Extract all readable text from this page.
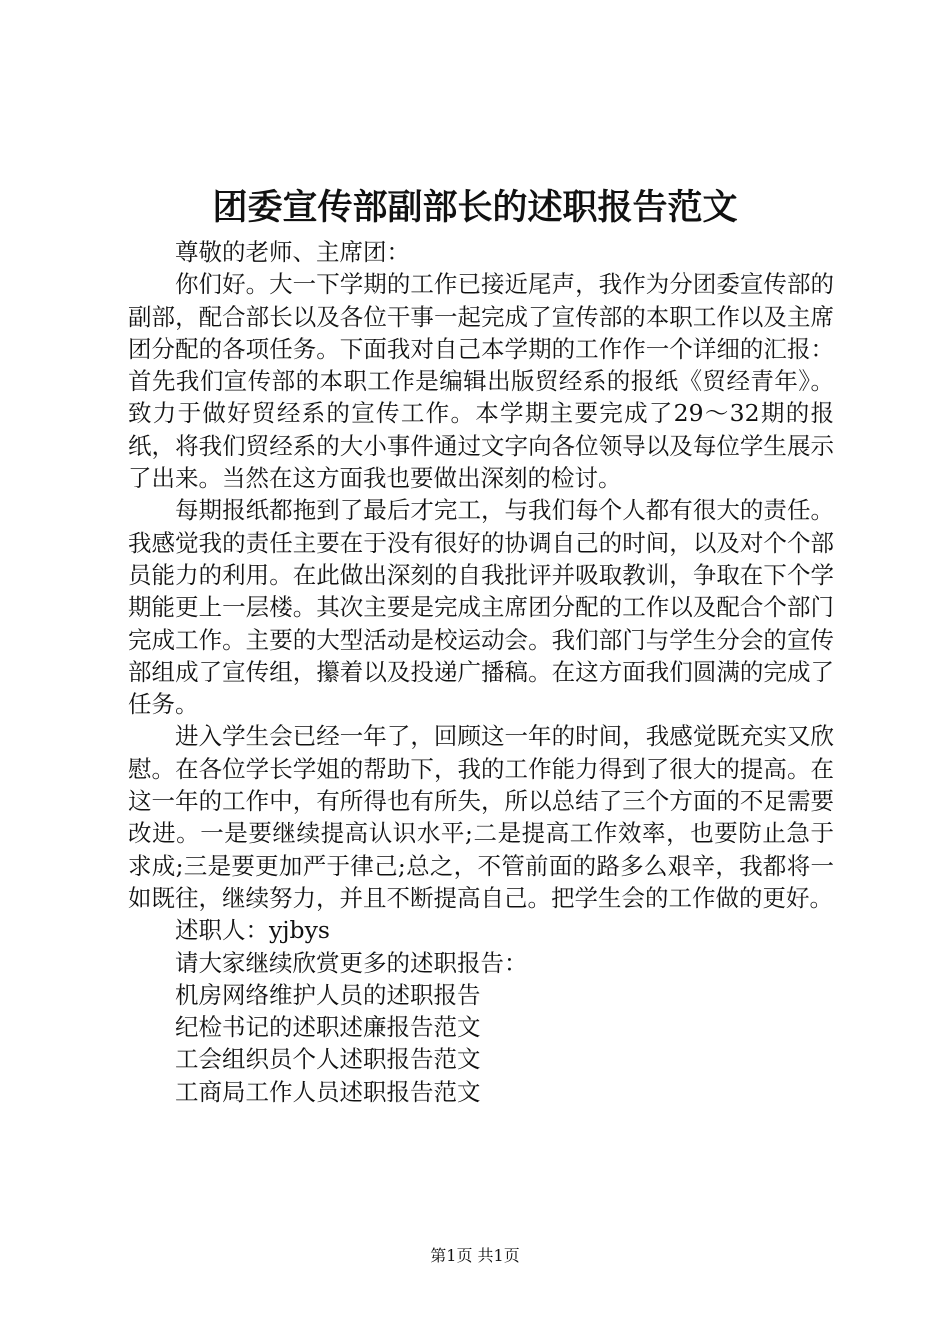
团委宣传部副部长的述职报告范文

尊敬的老师、主席团：

你们好。大一下学期的工作已接近尾声，我作为分团委宣传部的副部，配合部长以及各位干事一起完成了宣传部的本职工作以及主席团分配的各项任务。下面我对自己本学期的工作作一个详细的汇报：首先我们宣传部的本职工作是编辑出版贸经系的报纸《贸经青年》。致力于做好贸经系的宣传工作。本学期主要完成了29～32期的报纸，将我们贸经系的大小事件通过文字向各位领导以及每位学生展示了出来。当然在这方面我也要做出深刻的检讨。

每期报纸都拖到了最后才完工，与我们每个人都有很大的责任。我感觉我的责任主要在于没有很好的协调自己的时间，以及对个个部员能力的利用。在此做出深刻的自我批评并吸取教训，争取在下个学期能更上一层楼。其次主要是完成主席团分配的工作以及配合个部门完成工作。主要的大型活动是校运动会。我们部门与学生分会的宣传部组成了宣传组，攥着以及投递广播稿。在这方面我们圆满的完成了任务。

进入学生会已经一年了，回顾这一年的时间，我感觉既充实又欣慰。在各位学长学姐的帮助下，我的工作能力得到了很大的提高。在这一年的工作中，有所得也有所失，所以总结了三个方面的不足需要改进。一是要继续提高认识水平;二是提高工作效率，也要防止急于求成;三是要更加严于律己;总之，不管前面的路多么艰辛，我都将一如既往，继续努力，并且不断提高自己。把学生会的工作做的更好。

述职人：yjbys

请大家继续欣赏更多的述职报告：

机房网络维护人员的述职报告

纪检书记的述职述廉报告范文

工会组织员个人述职报告范文

工商局工作人员述职报告范文

第1页 共1页
